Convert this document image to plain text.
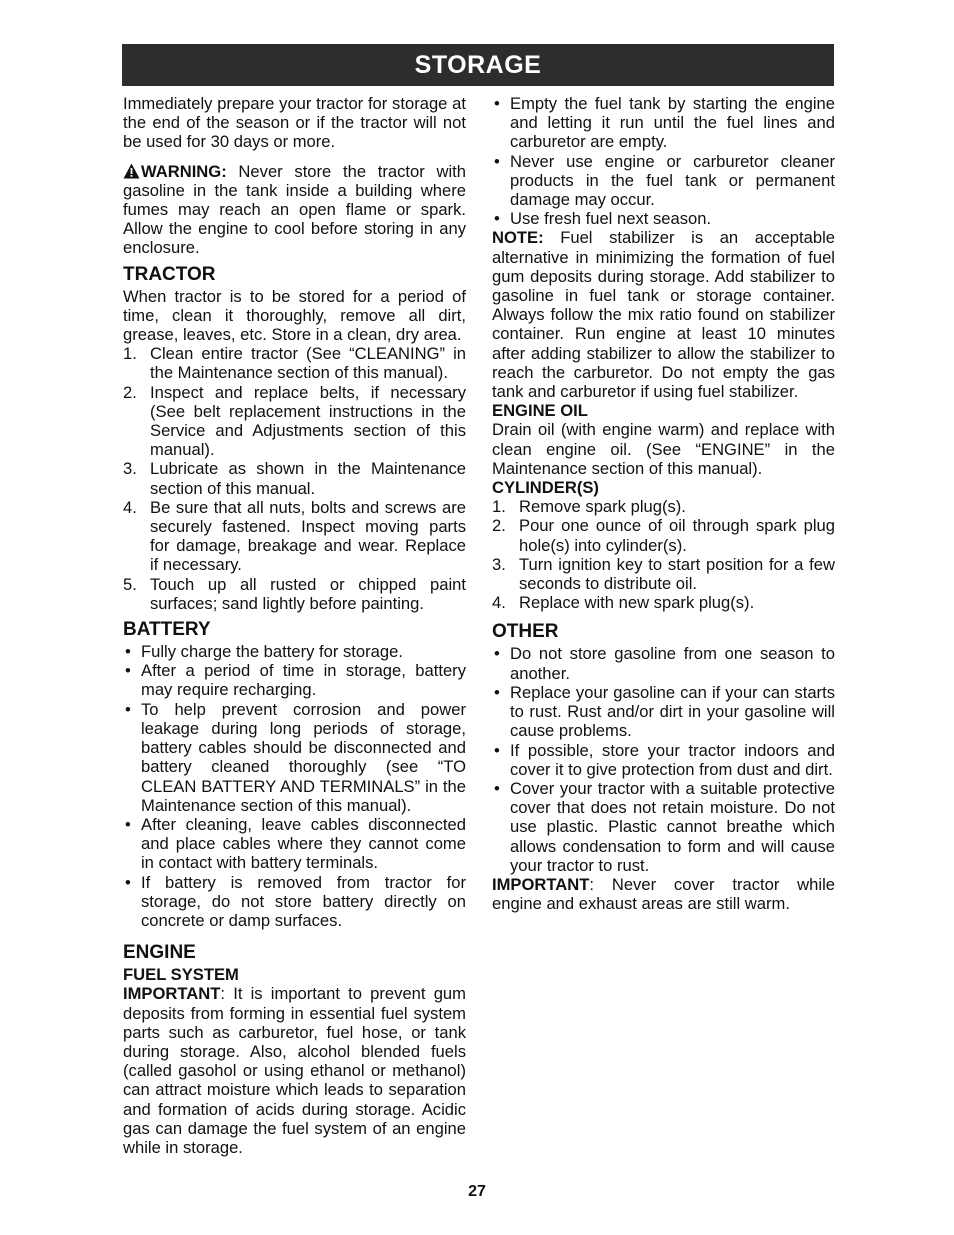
STORAGE

Immediately prepare your tractor for storage at the end of the season or if the tractor will not be used for 30 days or more.

WARNING: Never store the tractor with gasoline in the tank inside a building where fumes may reach an open flame or spark. Allow the engine to cool before storing in any enclosure.

TRACTOR

When tractor is to be stored for a period of time, clean it thoroughly, remove all dirt, grease, leaves, etc. Store in a clean, dry area.

1. Clean entire tractor (See “CLEANING” in the Maintenance section of this manual).
2. Inspect and replace belts, if necessary (See belt replacement instructions in the Service and Adjustments section of this manual).
3. Lubricate as shown in the Maintenance section of this manual.
4. Be sure that all nuts, bolts and screws are securely fastened. Inspect moving parts for damage, breakage and wear. Replace if necessary.
5. Touch up all rusted or chipped paint surfaces; sand lightly before painting.
BATTERY
• Fully charge the battery for storage.
• After a period of time in storage, battery may require recharging.
• To help prevent corrosion and power leakage during long periods of storage, battery cables should be disconnected and battery cleaned thoroughly (see “TO CLEAN BATTERY AND TERMINALS” in the Maintenance section of this manual).
• After cleaning, leave cables disconnected and place cables where they cannot come in contact with battery terminals.
• If battery is removed from tractor for storage, do not store battery directly on concrete or damp surfaces.
ENGINE
FUEL SYSTEM

IMPORTANT: It is important to prevent gum deposits from forming in essential fuel system parts such as carburetor, fuel hose, or tank during storage. Also, alcohol blended fuels (called gasohol or using ethanol or methanol) can attract moisture which leads to separation and formation of acids during storage. Acidic gas can damage the fuel system of an engine while in storage.

• Empty the fuel tank by starting the engine and letting it run until the fuel lines and carburetor are empty.
• Never use engine or carburetor cleaner products in the fuel tank or permanent damage may occur.
• Use fresh fuel next season.

NOTE: Fuel stabilizer is an acceptable alternative in minimizing the formation of fuel gum deposits during storage. Add stabilizer to gasoline in fuel tank or storage container. Always follow the mix ratio found on stabilizer container. Run engine at least 10 minutes after adding stabilizer to allow the stabilizer to reach the carburetor. Do not empty the gas tank and carburetor if using fuel stabilizer.

ENGINE OIL

Drain oil (with engine warm) and replace with clean engine oil. (See “ENGINE” in the Maintenance section of this manual).

CYLINDER(S)
1. Remove spark plug(s).
2. Pour one ounce of oil through spark plug hole(s) into cylinder(s).
3. Turn ignition key to start position for a few seconds to distribute oil.
4. Replace with new spark plug(s).
OTHER
• Do not store gasoline from one season to another.
• Replace your gasoline can if your can starts to rust. Rust and/or dirt in your gasoline will cause problems.
• If possible, store your tractor indoors and cover it to give protection from dust and dirt.
• Cover your tractor with a suitable protective cover that does not retain moisture. Do not use plastic. Plastic cannot breathe which allows condensation to form and will cause your tractor to rust.

IMPORTANT: Never cover tractor while engine and exhaust areas are still warm.

27
